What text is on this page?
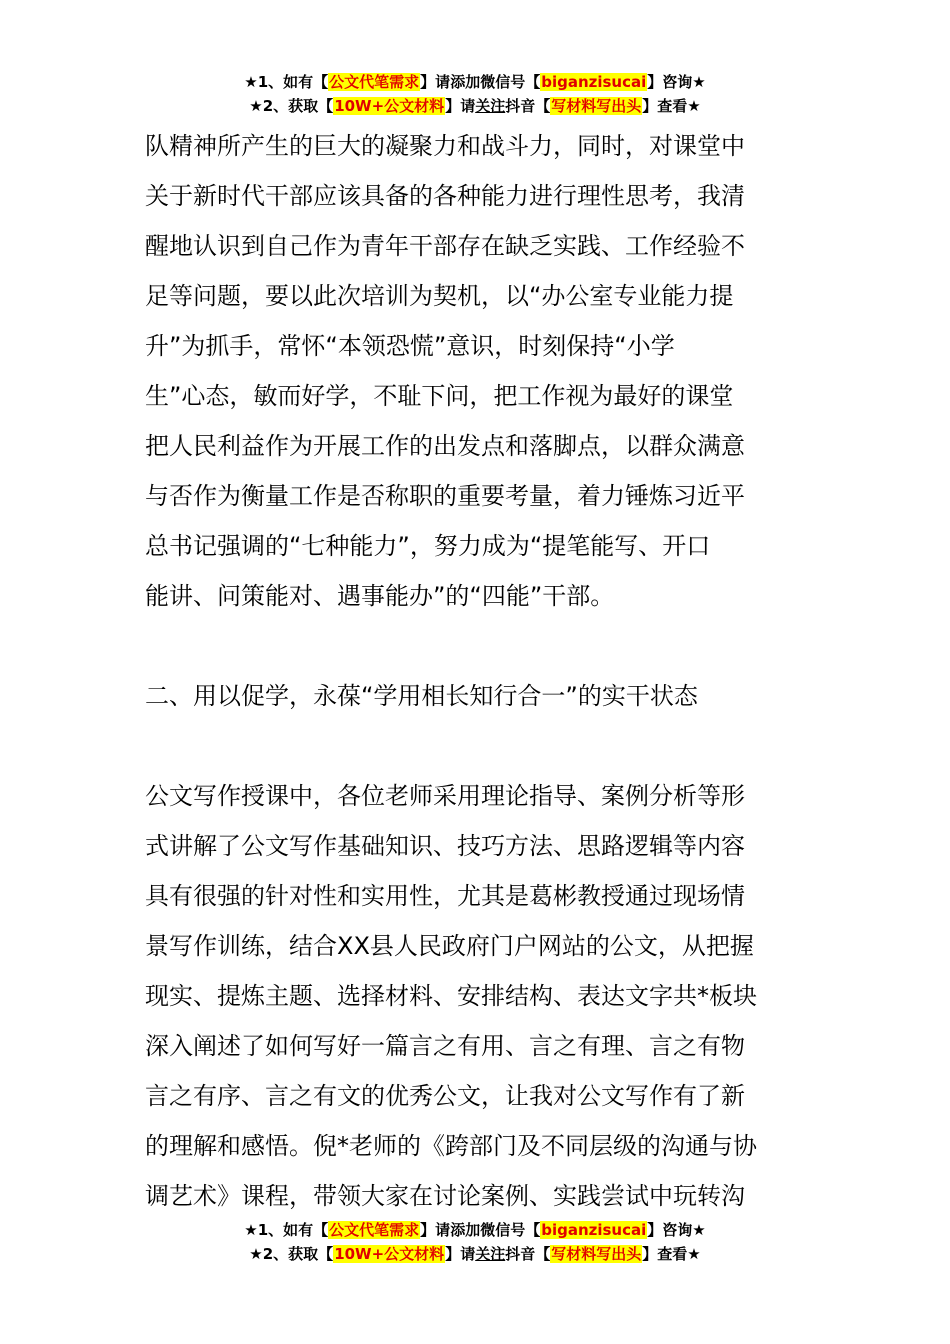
★1、如有【公文代笔需求】请添加微信号【biganzisucai】咨询★
★2、获取【10W+公文材料】请关注抖音【写材料写出头】查看★

队精神所产生的巨大的凝聚力和战斗力，同时，对课堂中
关于新时代干部应该具备的各种能力进行理性思考，我清
醒地认识到自己作为青年干部存在缺乏实践、工作经验不
足等问题，要以此次培训为契机，以“办公室专业能力提
升”为抓手，常怀“本领恐慌”意识，时刻保持“小学
生”心态，敏而好学，不耻下问，把工作视为最好的课堂
把人民利益作为开展工作的出发点和落脚点，以群众满意
与否作为衡量工作是否称职的重要考量，着力锤炼习近平
总书记强调的“七种能力”，努力成为“提笔能写、开口
能讲、问策能对、遇事能办”的“四能”干部。

二、用以促学，永葆“学用相长知行合一”的实干状态

公文写作授课中，各位老师采用理论指导、案例分析等形
式讲解了公文写作基础知识、技巧方法、思路逻辑等内容
具有很强的针对性和实用性，尤其是葛彬教授通过现场情
景写作训练，结合XX县人民政府门户网站的公文，从把握
现实、提炼主题、选择材料、安排结构、表达文字共*板块
深入阐述了如何写好一篇言之有用、言之有理、言之有物
言之有序、言之有文的优秀公文，让我对公文写作有了新
的理解和感悟。倪*老师的《跨部门及不同层级的沟通与协
调艺术》课程，带领大家在讨论案例、实践尝试中玩转沟

★1、如有【公文代笔需求】请添加微信号【biganzisucai】咨询★
★2、获取【10W+公文材料】请关注抖音【写材料写出头】查看★
